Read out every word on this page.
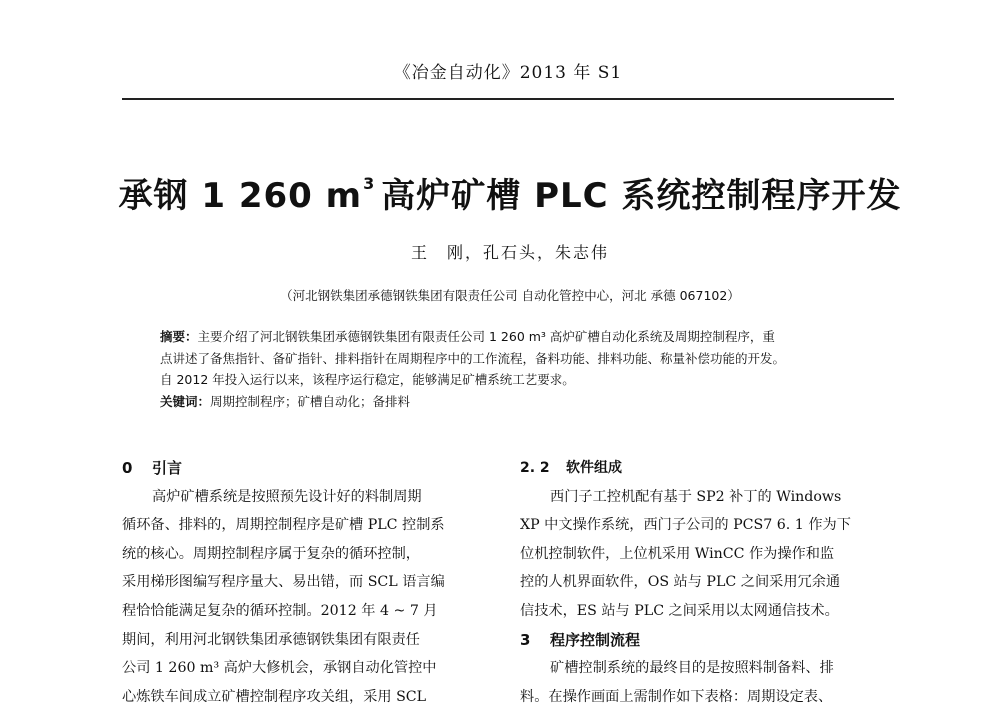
《冶金自动化》2013 年 S1
承钢 1 260 $m^3$ 高炉矿槽 PLC 系统控制程序开发
王　刚，孔石头，朱志伟
（河北钢铁集团承德钢铁集团有限责任公司 自动化管控中心，河北 承德 067102）
摘要：主要介绍了河北钢铁集团承德钢铁集团有限责任公司 1 260 m³ 高炉矿槽自动化系统及周期控制程序，重
点讲述了备焦指针、备矿指针、排料指针在周期程序中的工作流程，备料功能、排料功能、称量补偿功能的开发。
自 2012 年投入运行以来，该程序运行稳定，能够满足矿槽系统工艺要求。
关键词：周期控制程序；矿槽自动化；备排料
0 引言
高炉矿槽系统是按照预先设计好的料制周期
循环备、排料的，周期控制程序是矿槽 PLC 控制系
统的核心。周期控制程序属于复杂的循环控制，
采用梯形图编写程序量大、易出错，而 SCL 语言编
程恰恰能满足复杂的循环控制。2012 年 4 ~ 7 月
期间，利用河北钢铁集团承德钢铁集团有限责任
公司 1 260 m³ 高炉大修机会，承钢自动化管控中
心炼铁车间成立矿槽控制程序攻关组，采用 SCL
2. 2 软件组成
西门子工控机配有基于 SP2 补丁的 Windows
XP 中文操作系统，西门子公司的 PCS7 6. 1 作为下
位机控制软件，上位机采用 WinCC 作为操作和监
控的人机界面软件，OS 站与 PLC 之间采用冗余通
信技术，ES 站与 PLC 之间采用以太网通信技术。
3 程序控制流程
矿槽控制系统的最终目的是按照料制备料、排
料。在操作画面上需制作如下表格：周期设定表、
